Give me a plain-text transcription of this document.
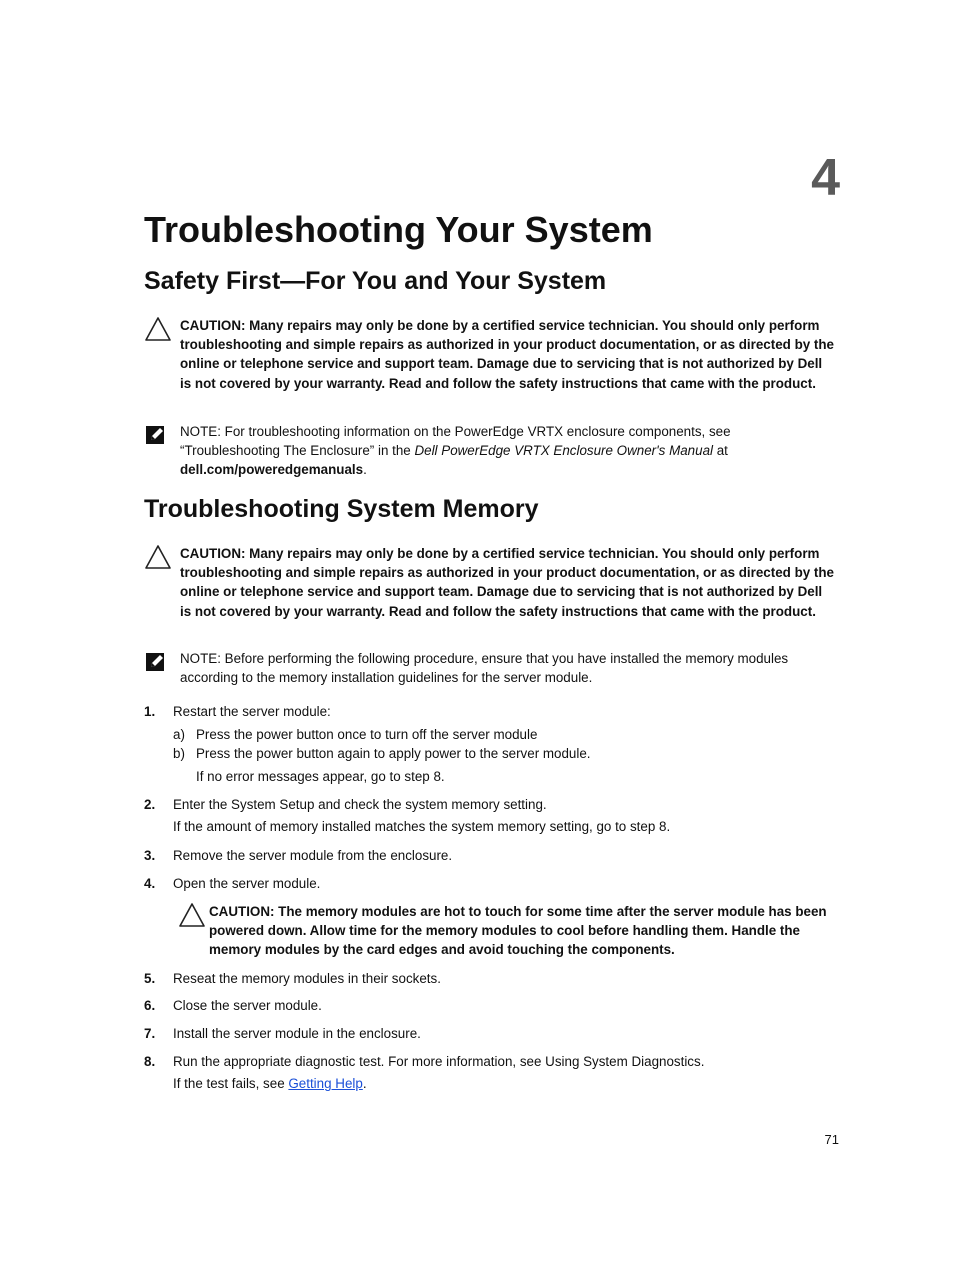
4
Troubleshooting Your System
Safety First—For You and Your System
CAUTION: Many repairs may only be done by a certified service technician. You should only perform troubleshooting and simple repairs as authorized in your product documentation, or as directed by the online or telephone service and support team. Damage due to servicing that is not authorized by Dell is not covered by your warranty. Read and follow the safety instructions that came with the product.
NOTE: For troubleshooting information on the PowerEdge VRTX enclosure components, see “Troubleshooting The Enclosure” in the Dell PowerEdge VRTX Enclosure Owner's Manual at dell.com/poweredgemanuals.
Troubleshooting System Memory
CAUTION: Many repairs may only be done by a certified service technician. You should only perform troubleshooting and simple repairs as authorized in your product documentation, or as directed by the online or telephone service and support team. Damage due to servicing that is not authorized by Dell is not covered by your warranty. Read and follow the safety instructions that came with the product.
NOTE: Before performing the following procedure, ensure that you have installed the memory modules according to the memory installation guidelines for the server module.
1. Restart the server module:
a) Press the power button once to turn off the server module
b) Press the power button again to apply power to the server module.
If no error messages appear, go to step 8.
2. Enter the System Setup and check the system memory setting.
If the amount of memory installed matches the system memory setting, go to step 8.
3. Remove the server module from the enclosure.
4. Open the server module.
CAUTION: The memory modules are hot to touch for some time after the server module has been powered down. Allow time for the memory modules to cool before handling them. Handle the memory modules by the card edges and avoid touching the components.
5. Reseat the memory modules in their sockets.
6. Close the server module.
7. Install the server module in the enclosure.
8. Run the appropriate diagnostic test. For more information, see Using System Diagnostics.
If the test fails, see Getting Help.
71
